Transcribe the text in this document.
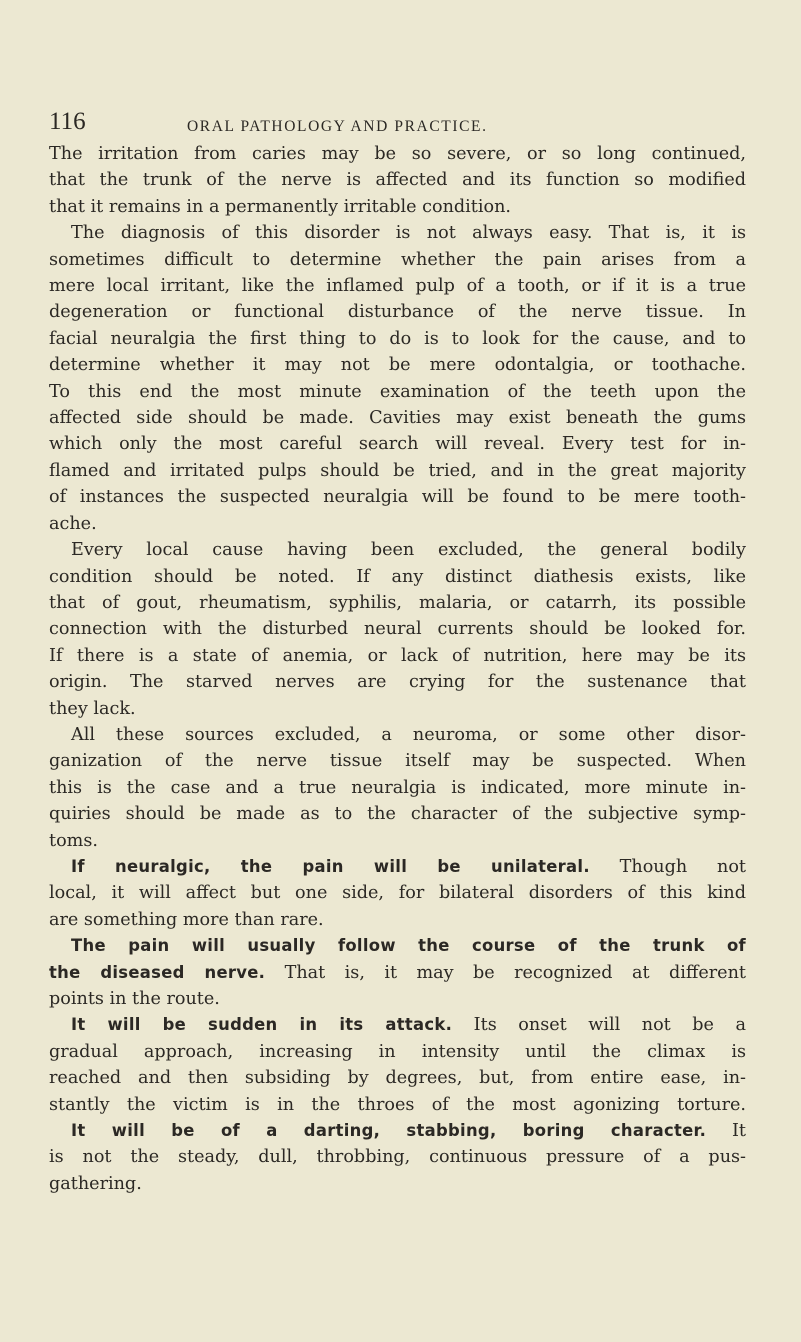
116	ORAL PATHOLOGY AND PRACTICE.
The irritation from caries may be so severe, or so long continued,
that the trunk of the nerve is affected and its function so modified
that it remains in a permanently irritable condition.
The diagnosis of this disorder is not always easy. That is, it is
sometimes difficult to determine whether the pain arises from a
mere local irritant, like the inflamed pulp of a tooth, or if it is a true
degeneration or functional disturbance of the nerve tissue. In
facial neuralgia the first thing to do is to look for the cause, and to
determine whether it may not be mere odontalgia, or toothache.
To this end the most minute examination of the teeth upon the
affected side should be made. Cavities may exist beneath the gums
which only the most careful search will reveal. Every test for in-
flamed and irritated pulps should be tried, and in the great majority
of instances the suspected neuralgia will be found to be mere tooth-
ache.
Every local cause having been excluded, the general bodily
condition should be noted. If any distinct diathesis exists, like
that of gout, rheumatism, syphilis, malaria, or catarrh, its possible
connection with the disturbed neural currents should be looked for.
If there is a state of anemia, or lack of nutrition, here may be its
origin. The starved nerves are crying for the sustenance that
they lack.
All these sources excluded, a neuroma, or some other disor-
ganization of the nerve tissue itself may be suspected. When
this is the case and a true neuralgia is indicated, more minute in-
quiries should be made as to the character of the subjective symp-
toms.
If neuralgic, the pain will be unilateral. Though not
local, it will affect but one side, for bilateral disorders of this kind
are something more than rare.
The pain will usually follow the course of the trunk of
the diseased nerve. That is, it may be recognized at different
points in the route.
It will be sudden in its attack. Its onset will not be a
gradual approach, increasing in intensity until the climax is
reached and then subsiding by degrees, but, from entire ease, in-
stantly the victim is in the throes of the most agonizing torture.
It will be of a darting, stabbing, boring character. It
is not the steady, dull, throbbing, continuous pressure of a pus-
gathering.
